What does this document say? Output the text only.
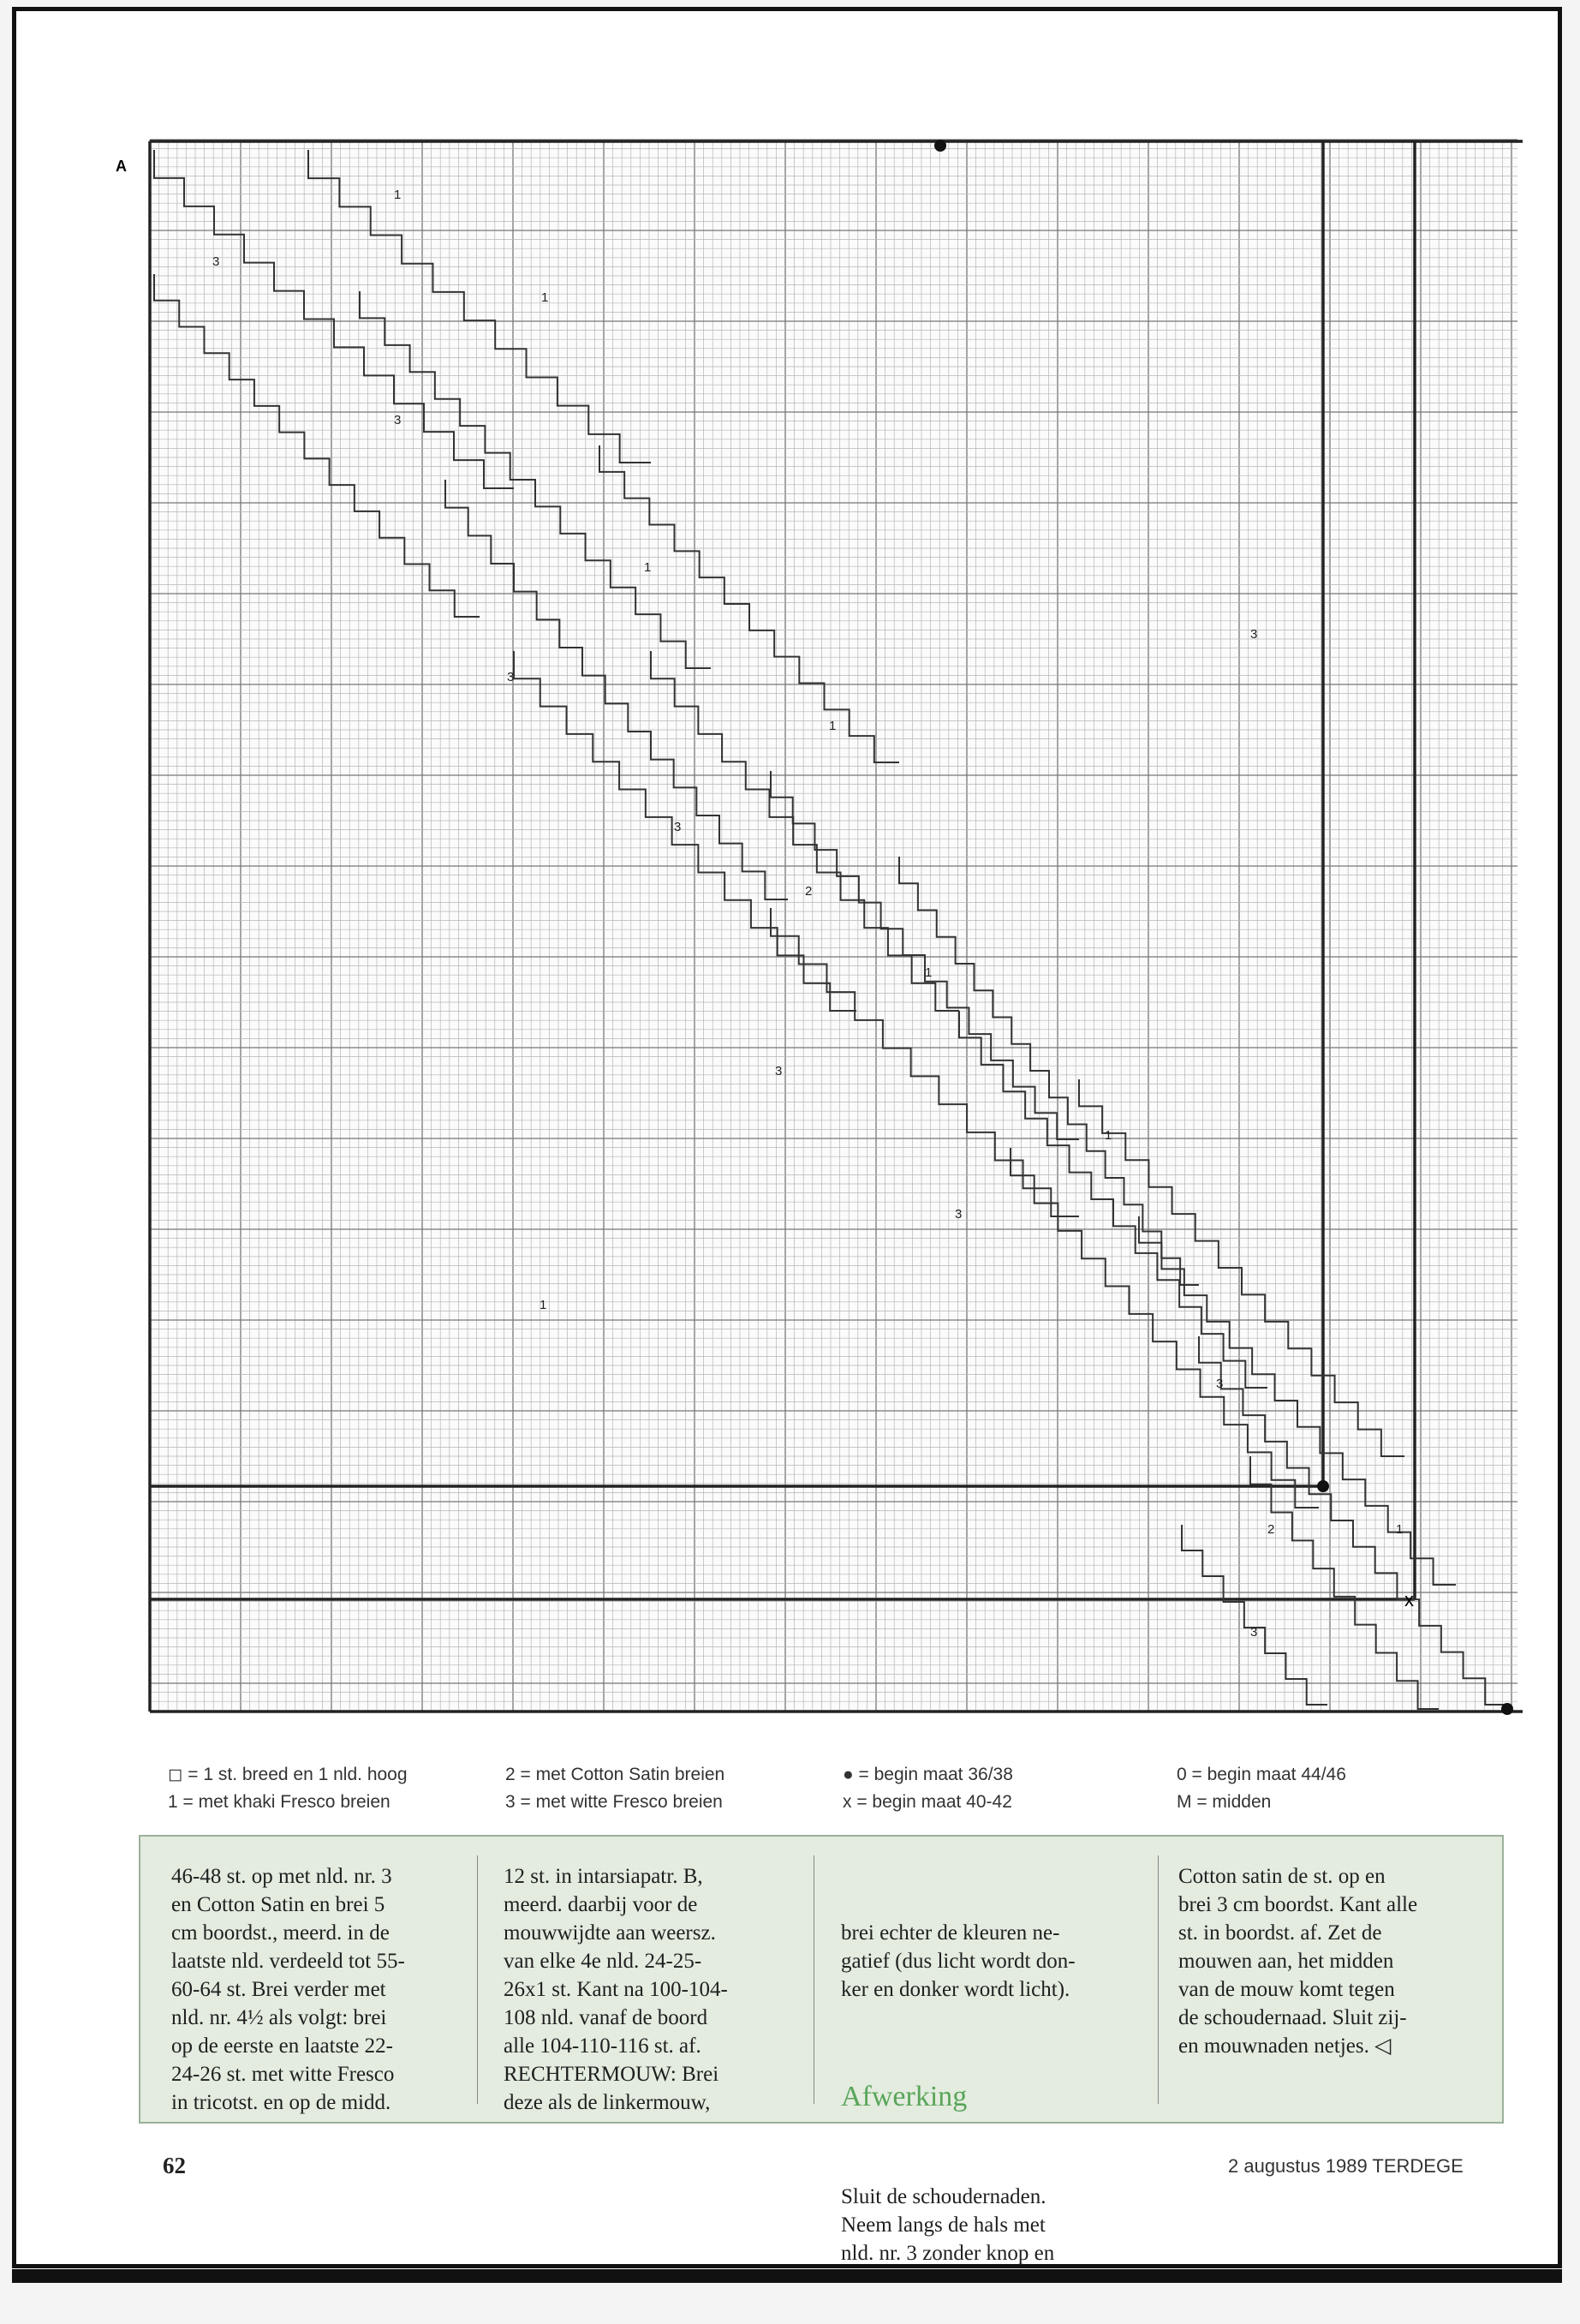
x
A
1
3
1
3
1
3
3
1
3
2
1
3
1
3
1
3
2	1
3
◻ = 1 st. breed en 1 nld. hoog
1 = met khaki Fresco breien
2 = met Cotton Satin breien
3 = met witte Fresco breien
● = begin maat 36/38
x = begin maat 40-42
0 = begin maat 44/46
M = midden
46-48 st. op met nld. nr. 3
en Cotton Satin en brei 5
cm boordst., meerd. in de
laatste nld. verdeeld tot 55-
60-64 st. Brei verder met
nld. nr. 4½ als volgt: brei
op de eerste en laatste 22-
24-26 st. met witte Fresco
in tricotst. en op de midd.
12 st. in intarsiapatr. B,
meerd. daarbij voor de
mouwwijdte aan weersz.
van elke 4e nld. 24-25-
26x1 st. Kant na 100-104-
108 nld. vanaf de boord
alle 104-110-116 st. af.
RECHTERMOUW: Brei
deze als de linkermouw,

brei echter de kleuren ne-
gatief (dus licht wordt don-
ker en donker wordt licht).

Afwerking

Sluit de schoudernaden.
Neem langs de hals met
nld. nr. 3 zonder knop en

Cotton satin de st. op en
brei 3 cm boordst. Kant alle
st. in boordst. af. Zet de
mouwen aan, het midden
van de mouw komt tegen
de schoudernaad. Sluit zij-
en mouwnaden netjes. ◁
62	2 augustus 1989 TERDEGE
